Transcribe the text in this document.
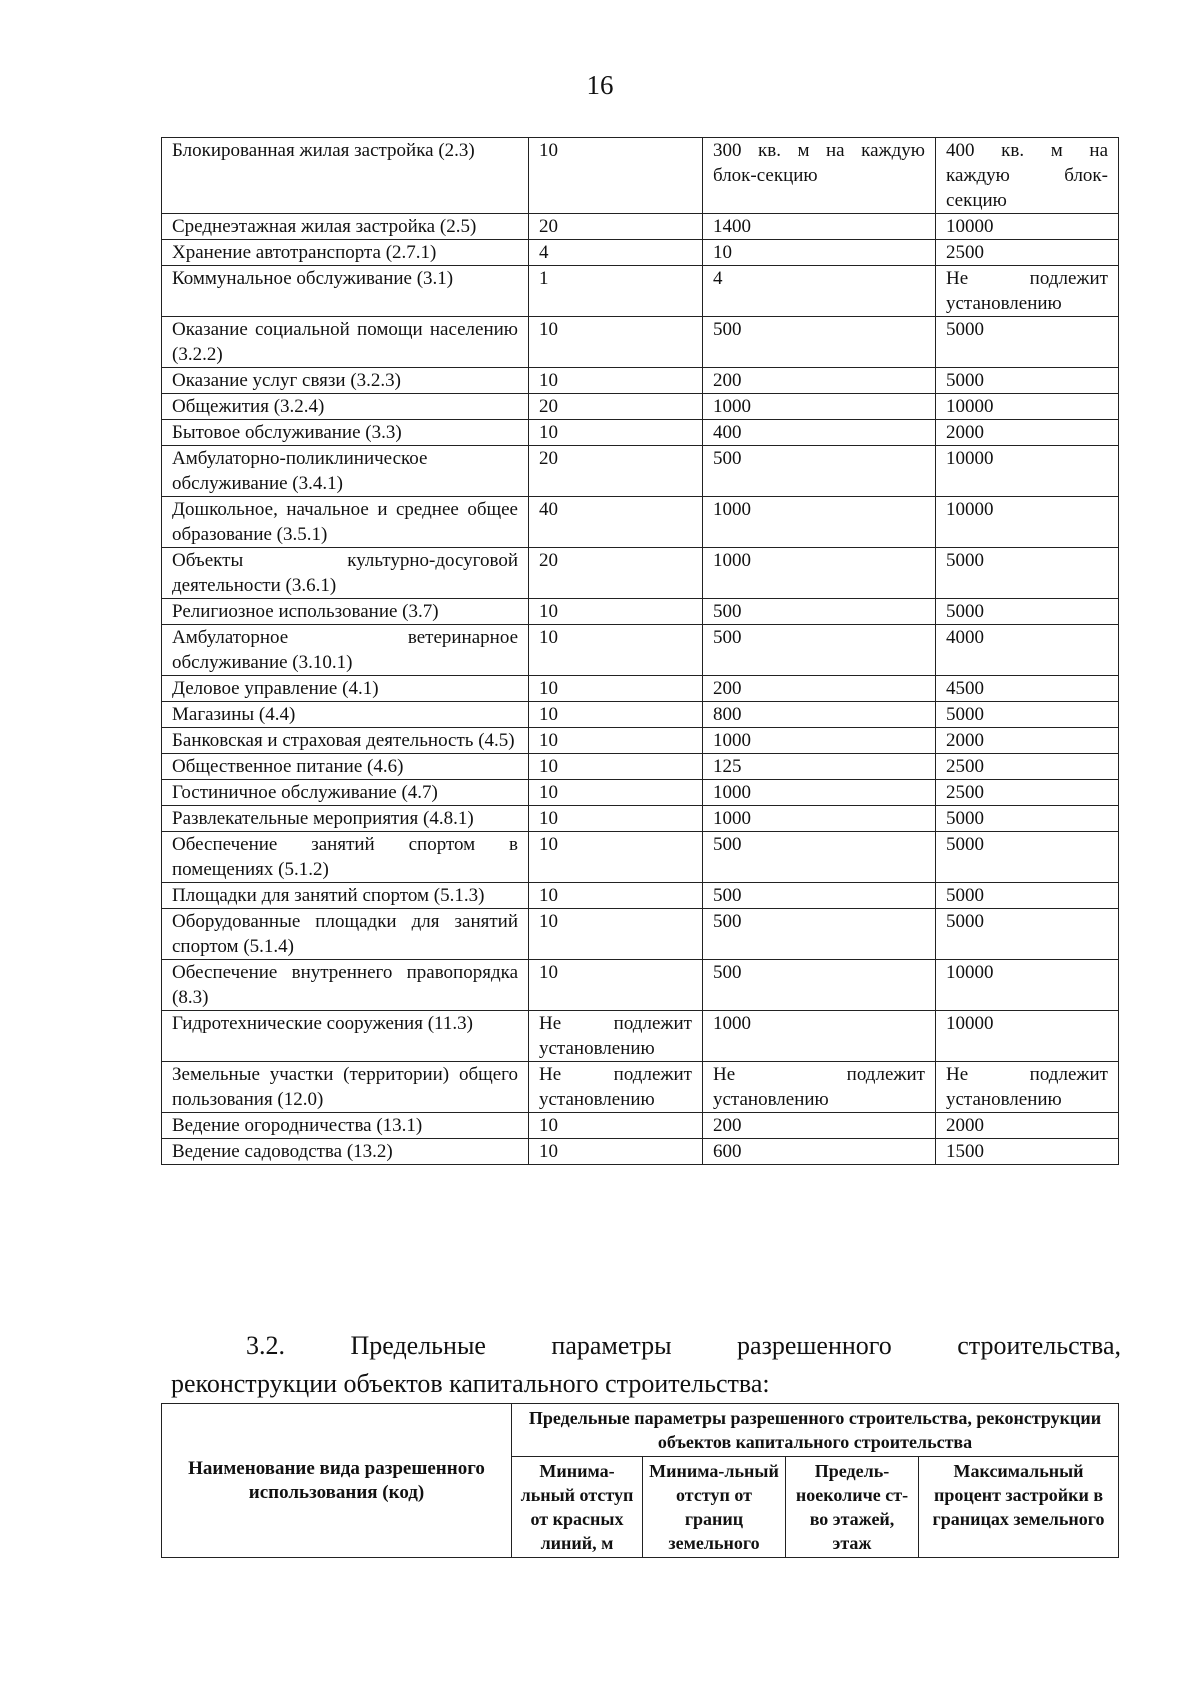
16
Блокированная жилая застройка (2.3)	10	300 кв. м на каждую блок-секцию	400 кв. м на каждую блок-секцию
Среднеэтажная жилая застройка (2.5)	20	1400	10000
Хранение автотранспорта (2.7.1)	4	10	2500
Коммунальное обслуживание (3.1)	1	4	Не подлежит установлению
Оказание социальной помощи населению (3.2.2)	10	500	5000
Оказание услуг связи (3.2.3)	10	200	5000
Общежития (3.2.4)	20	1000	10000
Бытовое обслуживание (3.3)	10	400	2000
Амбулаторно-поликлиническое обслуживание (3.4.1)	20	500	10000
Дошкольное, начальное и среднее общее образование (3.5.1)	40	1000	10000
Объекты культурно-досуговой деятельности (3.6.1)	20	1000	5000
Религиозное использование (3.7)	10	500	5000
Амбулаторное ветеринарное обслуживание (3.10.1)	10	500	4000
Деловое управление (4.1)	10	200	4500
Магазины (4.4)	10	800	5000
Банковская и страховая деятельность (4.5)	10	1000	2000
Общественное питание (4.6)	10	125	2500
Гостиничное обслуживание (4.7)	10	1000	2500
Развлекательные мероприятия (4.8.1)	10	1000	5000
Обеспечение занятий спортом в помещениях (5.1.2)	10	500	5000
Площадки для занятий спортом (5.1.3)	10	500	5000
Оборудованные площадки для занятий спортом (5.1.4)	10	500	5000
Обеспечение внутреннего правопорядка (8.3)	10	500	10000
Гидротехнические сооружения (11.3)	Не подлежит установлению	1000	10000
Земельные участки (территории) общего пользования (12.0)	Не подлежит установлению	Не подлежит установлению	Не подлежит установлению
Ведение огородничества (13.1)	10	200	2000
Ведение садоводства (13.2)	10	600	1500
3.2. Предельные параметры разрешенного строительства,
реконструкции объектов капитального строительства:
Наименование вида разрешенного использования (код)	Предельные параметры разрешенного строительства, реконструкции объектов капитального строительства			
	Минима-льный отступ от красных линий, м	Минима-льный отступ от границ земельного	Предель-ноеколиче ст-во этажей, этаж	Максимальный процент застройки в границах земельного
